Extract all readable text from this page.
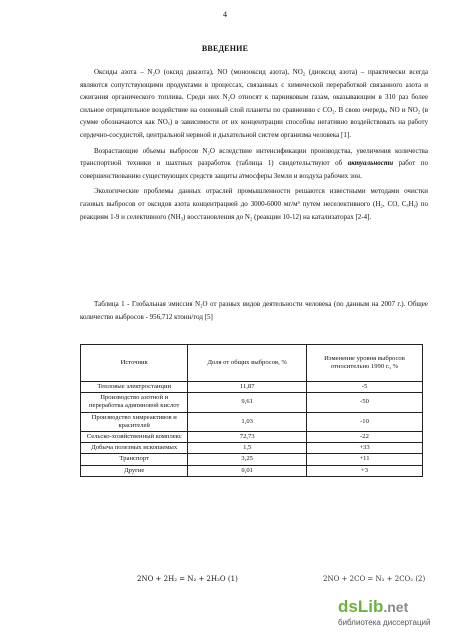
4
ВВЕДЕНИЕ

Оксиды азота – N₂O (оксид диазота), NO (монооксид азота), NO₂ (диоксид азота) – практически всегда являются сопутствующими продуктами в процессах, связанных с химической переработкой связанного азота и сжигания органического топлива. Среди них N₂O относят к парниковым газам, оказывающим в 310 раз более сильное отрицательное воздействие на озоновый слой планеты по сравнению с CO₂. В свою очередь, NO и NO₂ (в сумме обозначаются как NOₓ) в зависимости от их концентрации способны негативно воздействовать на работу сердечно-сосудистой, центральной нервной и дыхательной систем организма человека [1].

Возрастающие объемы выбросов N₂O вследствие интенсификации производства, увеличения количества транспортной техники и шахтных разработок (таблица 1) свидетельствуют об актуальности работ по совершенствованию существующих средств защиты атмосферы Земли и воздуха рабочих зон.

Экологические проблемы данных отраслей промышленности решаются известными методами очистки газовых выбросов от оксидов азота концентрацией до 3000-6000 мг/м³ путем неселективного (H₂, CO, CₓHᵧ) по реакциям 1-9 и селективного (NH₃) восстановления до N₂ (реакции 10-12) на катализаторах [2-4].

Таблица 1 - Глобальная эмиссия N₂O от разных видов деятельности человека (по данным на 2007 г.). Общее количество выбросов - 956,712 ктонн/год [5]

Источник	Доля от общих выбросов, %	Изменение уровня выбросов относительно 1990 г., %
Тепловые электростанции	11,87	-5
Производство азотной и переработка адипиновой кислот	9,61	-50
Производство химреактивов и красителей	1,03	-10
Сельско-хозяйственный комплекс	72,73	-22
Добыча полезных ископаемых	1,5	+33
Транспорт	3,25	+11
Другие	0,01	+3
2NO + 2H₂ = N₂ + 2H₂O (1)	2NO + 2CO = N₂ + 2CO₂ (2)
dsLib.net
библиотека диссертаций
